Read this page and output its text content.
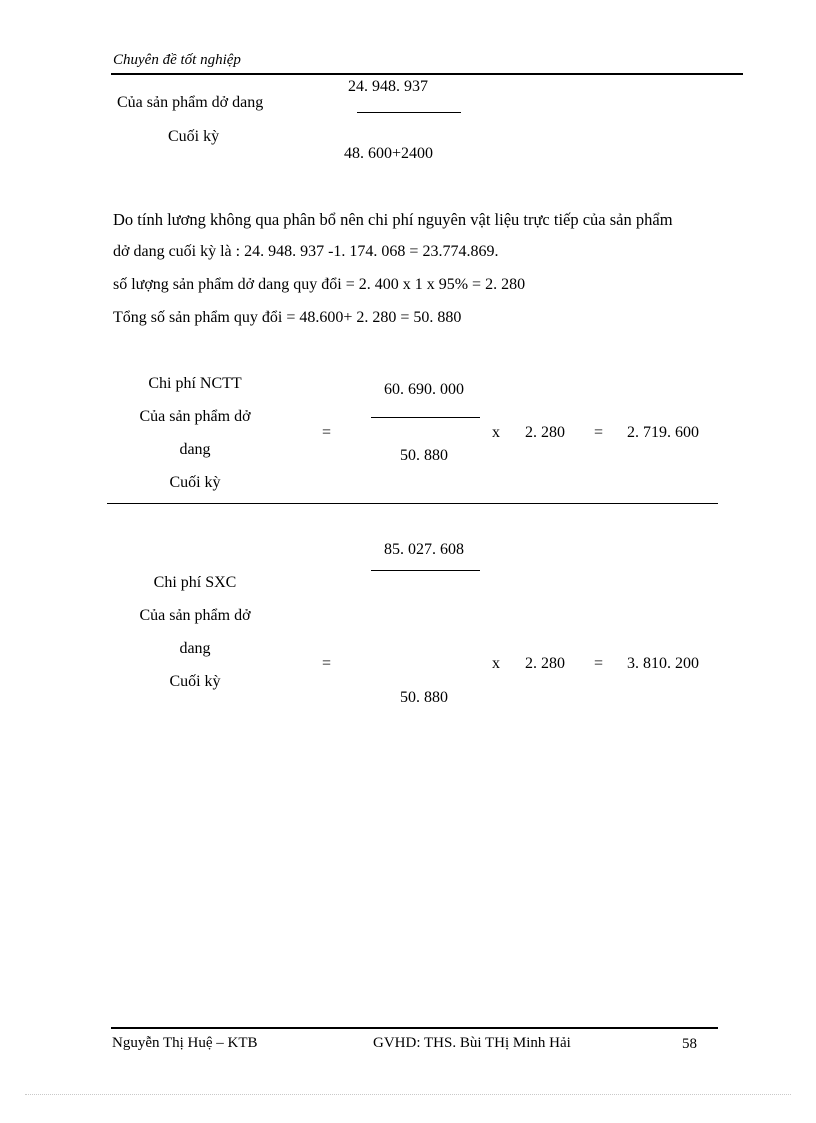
Chuyên đề tốt nghiệp
Của sản phẩm dở dang
Cuối kỳ
24. 948. 937
48. 600+2400
Do tính lương không qua phân bổ nên chi phí nguyên vật liệu trực tiếp của sản phẩm
dở dang cuối kỳ là : 24. 948. 937 -1. 174. 068 = 23.774.869.
số lượng sản phẩm dở dang quy đổi = 2. 400 x 1 x 95% = 2. 280
Tổng số sản phẩm quy đổi = 48.600+ 2. 280 = 50. 880
Chi phí NCTT
Của sản phẩm dở
dang
Cuối kỳ
=
60. 690. 000
50. 880
x 2. 280 = 2. 719. 600
85. 027. 608
Chi phí SXC
Của sản phẩm dở
dang
Cuối kỳ
=	x 2. 280 = 3. 810. 200
50. 880
Nguyễn Thị Huệ – KTB	GVHD: THS. Bùi THị Minh Hải	58
